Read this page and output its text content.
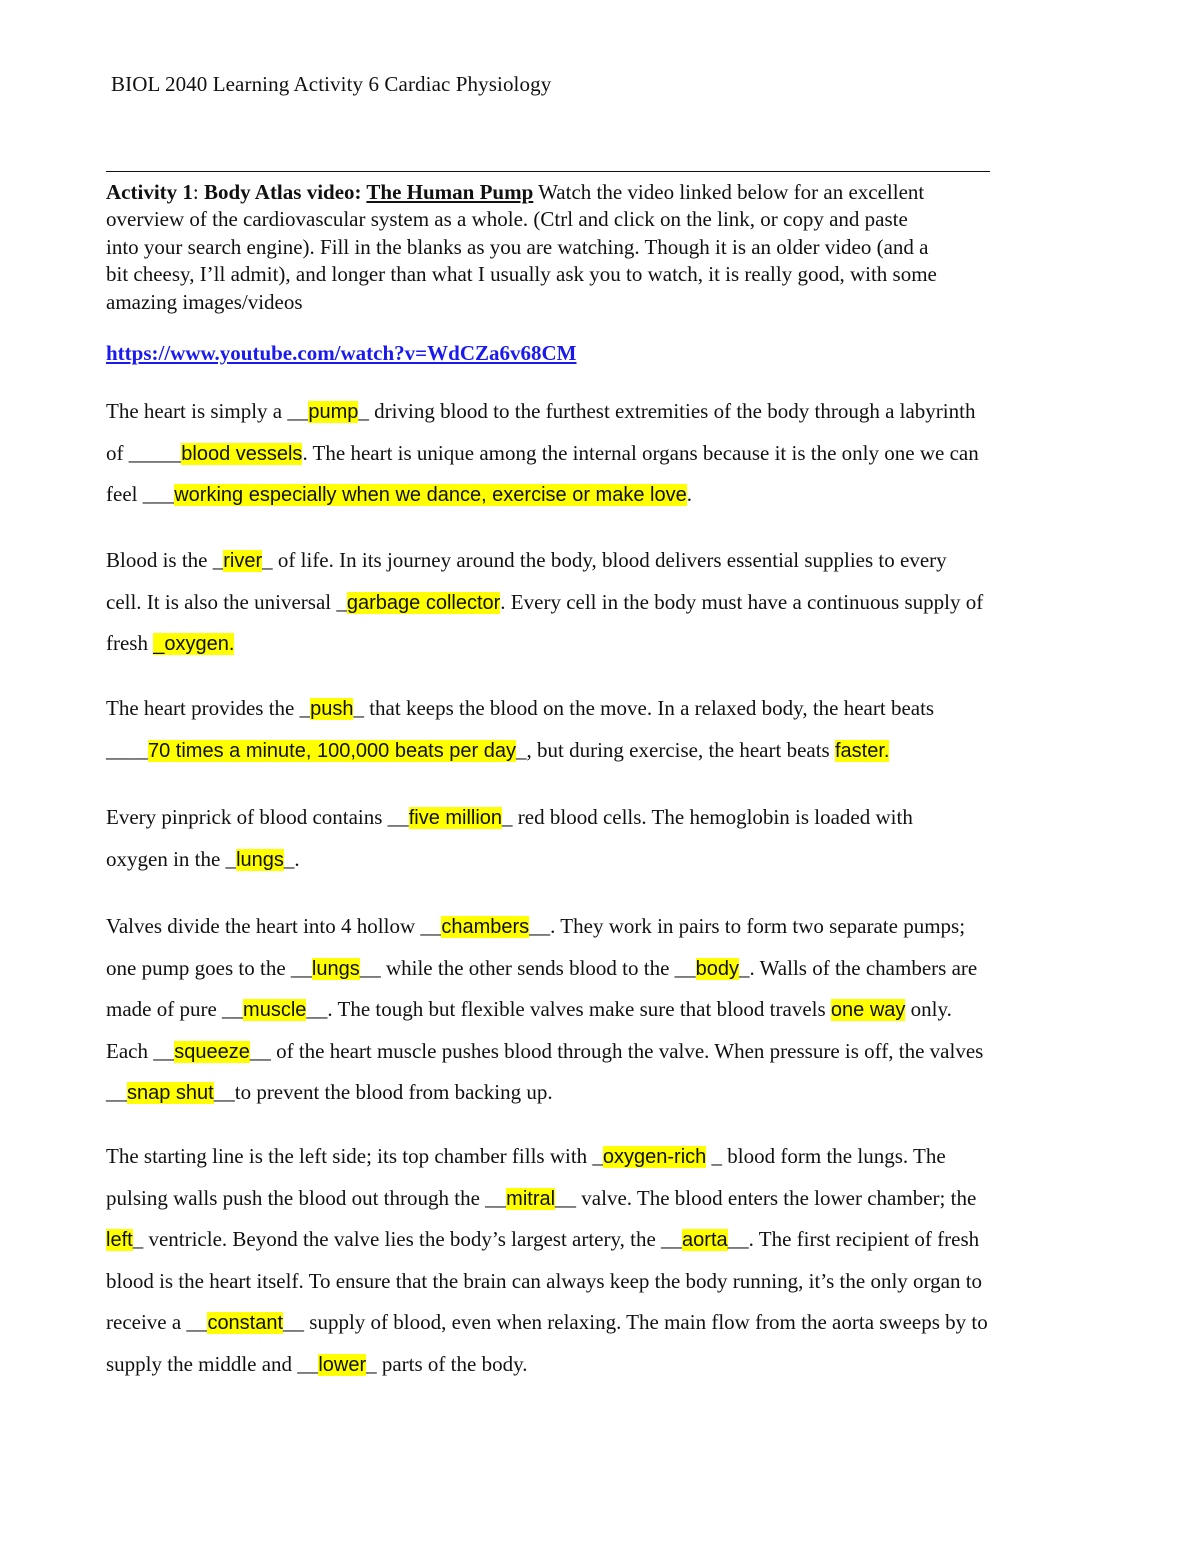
BIOL 2040 Learning Activity 6 Cardiac Physiology
Activity 1: Body Atlas video: The Human Pump Watch the video linked below for an excellent
overview of the cardiovascular system as a whole. (Ctrl and click on the link, or copy and paste
into your search engine). Fill in the blanks as you are watching. Though it is an older video (and a
bit cheesy, I’ll admit), and longer than what I usually ask you to watch, it is really good, with some
amazing images/videos
https://www.youtube.com/watch?v=WdCZa6v68CM
The heart is simply a __pump_ driving blood to the furthest extremities of the body through a labyrinth
of _____blood vessels. The heart is unique among the internal organs because it is the only one we can
feel ___working especially when we dance, exercise or make love.
Blood is the _river_ of life. In its journey around the body, blood delivers essential supplies to every
cell. It is also the universal _garbage collector. Every cell in the body must have a continuous supply of
fresh _oxygen.
The heart provides the _push_ that keeps the blood on the move. In a relaxed body, the heart beats
____70 times a minute, 100,000 beats per day_, but during exercise, the heart beats faster.
Every pinprick of blood contains __five million_ red blood cells. The hemoglobin is loaded with
oxygen in the _lungs_.
Valves divide the heart into 4 hollow __chambers__. They work in pairs to form two separate pumps;
one pump goes to the __lungs__ while the other sends blood to the __body_. Walls of the chambers are
made of pure __muscle__. The tough but flexible valves make sure that blood travels one way only.
Each __squeeze__ of the heart muscle pushes blood through the valve. When pressure is off, the valves
__snap shut__to prevent the blood from backing up.
The starting line is the left side; its top chamber fills with _oxygen-rich _ blood form the lungs. The
pulsing walls push the blood out through the __mitral__ valve. The blood enters the lower chamber; the
left_ ventricle. Beyond the valve lies the body’s largest artery, the __aorta__. The first recipient of fresh
blood is the heart itself. To ensure that the brain can always keep the body running, it’s the only organ to
receive a __constant__ supply of blood, even when relaxing. The main flow from the aorta sweeps by to
supply the middle and __lower_ parts of the body.
